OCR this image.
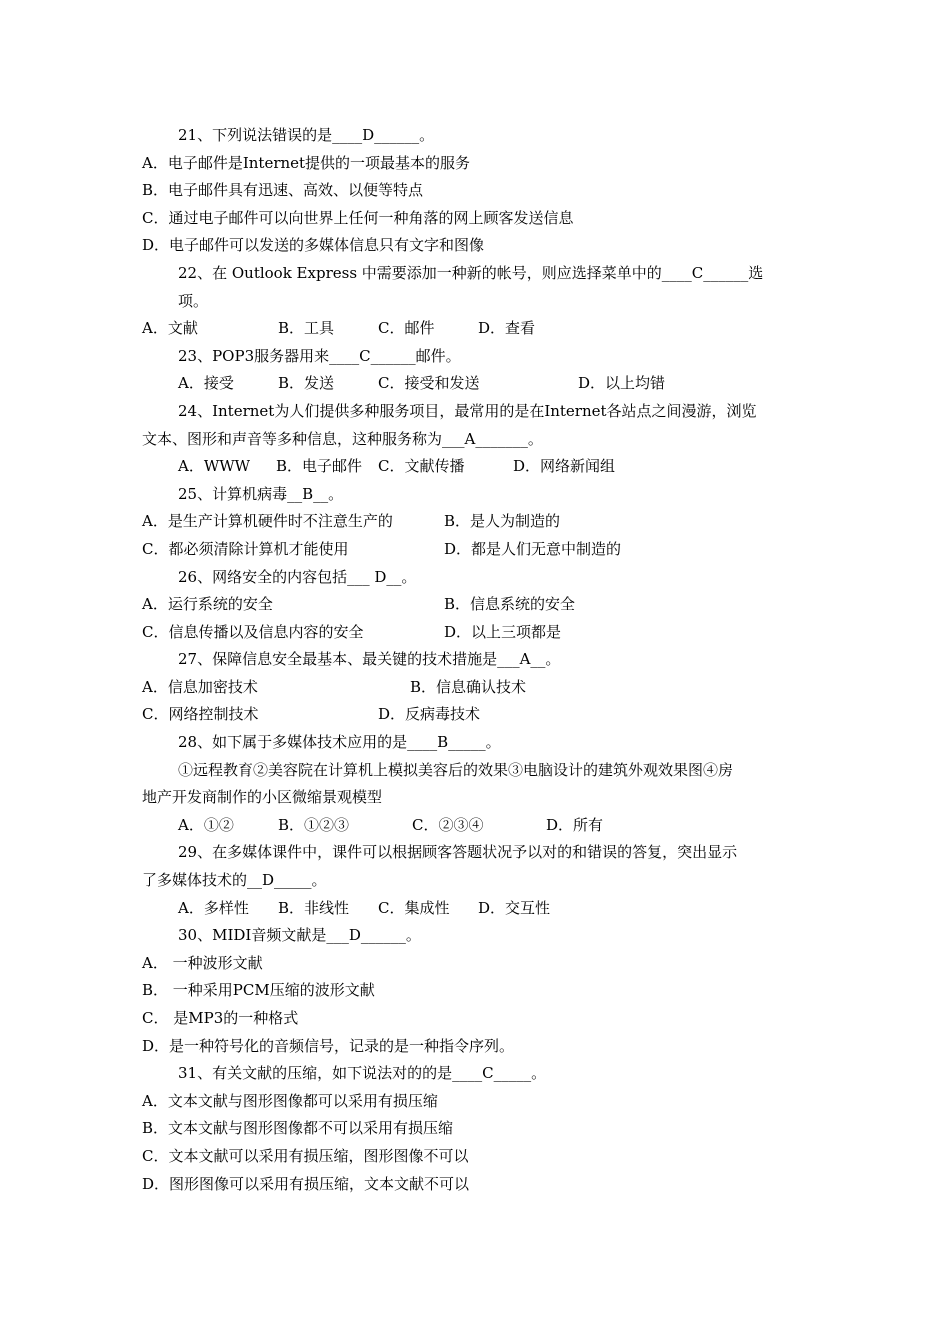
21、下列说法错误的是____D______。
A．电子邮件是Internet提供的一项最基本的服务
B．电子邮件具有迅速、高效、以便等特点
C．通过电子邮件可以向世界上任何一种角落的网上顾客发送信息
D．电子邮件可以发送的多媒体信息只有文字和图像
22、在 Outlook Express 中需要添加一种新的帐号，则应选择菜单中的____C______选
项。
A．文献	B．工具	C．邮件	D．查看
23、POP3服务器用来____C______邮件。
A．接受	B．发送	C．接受和发送	D．以上均错
24、Internet为人们提供多种服务项目，最常用的是在Internet各站点之间漫游，浏览
文本、图形和声音等多种信息，这种服务称为___A_______。
A．WWW	B．电子邮件	C．文献传播	D．网络新闻组
25、计算机病毒__B__。
A．是生产计算机硬件时不注意生产的	B．是人为制造的
C．都必须清除计算机才能使用	D．都是人们无意中制造的
26、网络安全的内容包括___ D__。
A．运行系统的安全	B．信息系统的安全
C．信息传播以及信息内容的安全	D．以上三项都是
27、保障信息安全最基本、最关键的技术措施是___A__。
A．信息加密技术	B．信息确认技术
C．网络控制技术	D．反病毒技术
28、如下属于多媒体技术应用的是____B_____。
①远程教育②美容院在计算机上模拟美容后的效果③电脑设计的建筑外观效果图④房
地产开发商制作的小区微缩景观模型
A．①②	B．①②③	C．②③④	D．所有
29、在多媒体课件中，课件可以根据顾客答题状况予以对的和错误的答复，突出显示
了多媒体技术的__D_____。
A．多样性	B．非线性	C．集成性	D．交互性
30、MIDI音频文献是___D______。
A． 一种波形文献
B． 一种采用PCM压缩的波形文献
C． 是MP3的一种格式
D．是一种符号化的音频信号，记录的是一种指令序列。
31、有关文献的压缩，如下说法对的的是____C_____。
A．文本文献与图形图像都可以采用有损压缩
B．文本文献与图形图像都不可以采用有损压缩
C．文本文献可以采用有损压缩，图形图像不可以
D．图形图像可以采用有损压缩，文本文献不可以
